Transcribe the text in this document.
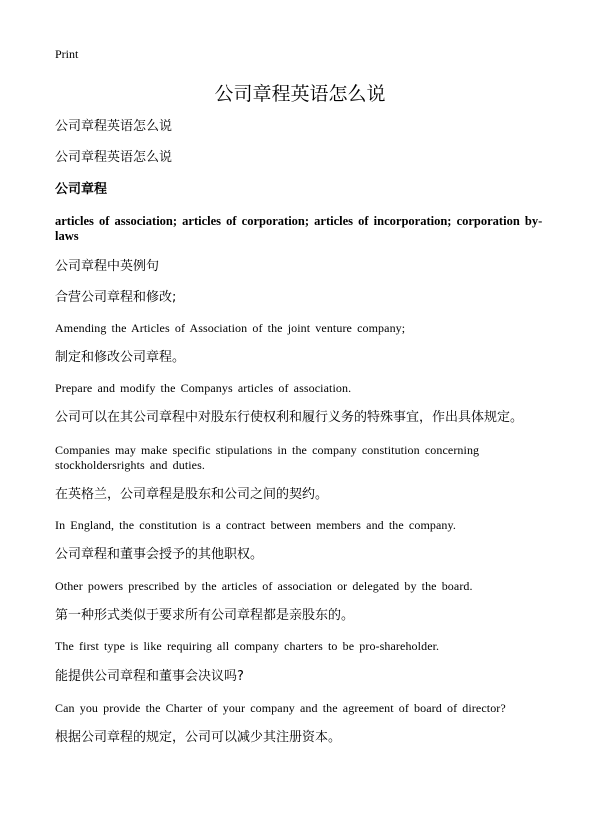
Print
公司章程英语怎么说

公司章程英语怎么说

公司章程英语怎么说

公司章程

articles of association; articles of corporation; articles of incorporation; corporation by-laws

公司章程中英例句

合营公司章程和修改;

Amending the Articles of Association of the joint venture company;

制定和修改公司章程。

Prepare and modify the Companys articles of association.

公司可以在其公司章程中对股东行使权利和履行义务的特殊事宜，作出具体规定。

Companies may make specific stipulations in the company constitution concerning stockholdersrights and duties.

在英格兰，公司章程是股东和公司之间的契约。

In England, the constitution is a contract between members and the company.

公司章程和董事会授予的其他职权。

Other powers prescribed by the articles of association or delegated by the board.

第一种形式类似于要求所有公司章程都是亲股东的。

The first type is like requiring all company charters to be pro-shareholder.

能提供公司章程和董事会决议吗?

Can you provide the Charter of your company and the agreement of board of director?

根据公司章程的规定，公司可以减少其注册资本。
